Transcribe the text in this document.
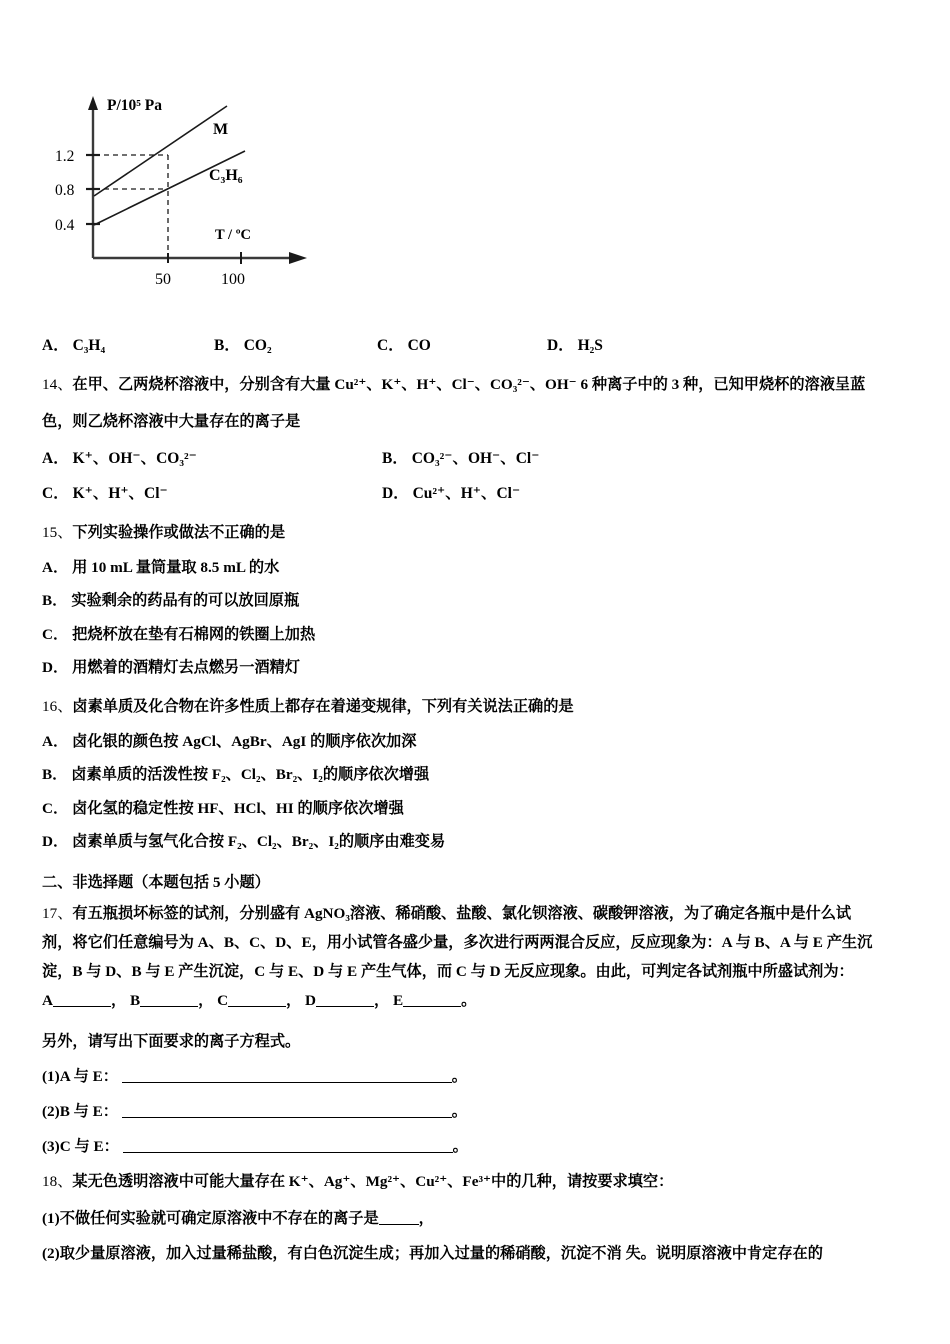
P/10⁵ Pa
T / ºC
1.2
0.8
0.4
50	100
M
C₃H₆
A． C₃H₄	B． CO₂	C． CO	D． H₂S
14、在甲、乙两烧杯溶液中，分别含有大量 Cu²⁺、K⁺、H⁺、Cl⁻、CO₃²⁻、OH⁻ 6 种离子中的 3 种，已知甲烧杯的溶液呈蓝
色，则乙烧杯溶液中大量存在的离子是
A． K⁺、OH⁻、CO₃²⁻	B． CO₃²⁻、OH⁻、Cl⁻
C． K⁺、H⁺、Cl⁻	D． Cu²⁺、H⁺、Cl⁻
15、下列实验操作或做法不正确的是
A． 用 10 mL 量筒量取 8.5 mL 的水
B． 实验剩余的药品有的可以放回原瓶
C． 把烧杯放在垫有石棉网的铁圈上加热
D． 用燃着的酒精灯去点燃另一酒精灯
16、卤素单质及化合物在许多性质上都存在着递变规律，下列有关说法正确的是
A． 卤化银的颜色按 AgCl、AgBr、AgI 的顺序依次加深
B． 卤素单质的活泼性按 F₂、Cl₂、Br₂、I₂的顺序依次增强
C． 卤化氢的稳定性按 HF、HCl、HI 的顺序依次增强
D． 卤素单质与氢气化合按 F₂、Cl₂、Br₂、I₂的顺序由难变易
二、非选择题（本题包括 5 小题）
17、有五瓶损坏标签的试剂，分别盛有 AgNO₃溶液、稀硝酸、盐酸、氯化钡溶液、碳酸钾溶液，为了确定各瓶中是什么试
剂，将它们任意编号为 A、B、C、D、E，用小试管各盛少量，多次进行两两混合反应，反应现象为：A 与 B、A 与 E 产生沉
淀，B 与 D、B 与 E 产生沉淀，C 与 E、D 与 E 产生气体，而 C 与 D 无反应现象。由此，可判定各试剂瓶中所盛试剂为：
A	， B	， C	， D	， E	。
另外，请写出下面要求的离子方程式。
(1)A 与 E：	。
(2)B 与 E：	。
(3)C 与 E：	。
18、某无色透明溶液中可能大量存在 K⁺、Ag⁺、Mg²⁺、Cu²⁺、Fe³⁺中的几种，请按要求填空：
(1)不做任何实验就可确定原溶液中不存在的离子是	，
(2)取少量原溶液，加入过量稀盐酸，有白色沉淀生成；再加入过量的稀硝酸，沉淀不消 失。说明原溶液中肯定存在的
